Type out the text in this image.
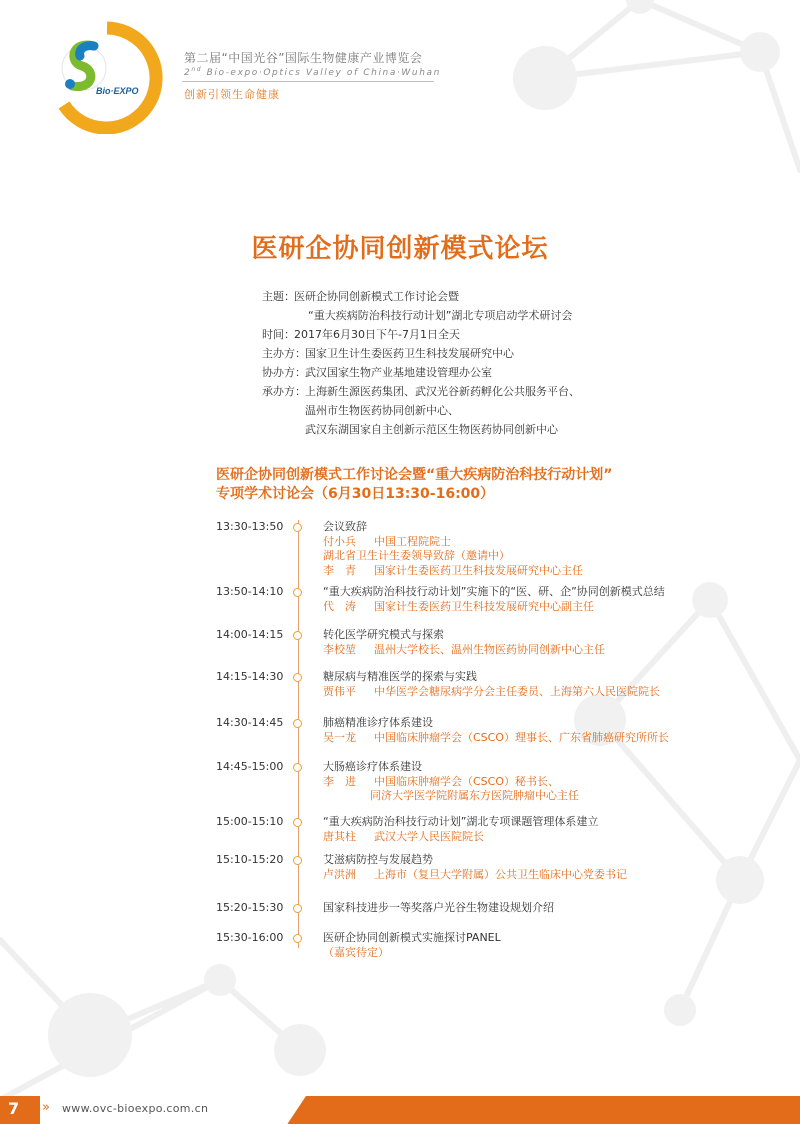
Bio·EXPO
第二届“中国光谷”国际生物健康产业博览会
2nd Bio-expo·Optics Valley of China·Wuhan
创新引领生命健康
医研企协同创新模式论坛
主题： 医研企协同创新模式工作讨论会暨
“重大疾病防治科技行动计划”湖北专项启动学术研讨会
时间： 2017年6月30日下午-7月1日全天
主办方： 国家卫生计生委医药卫生科技发展研究中心
协办方： 武汉国家生物产业基地建设管理办公室
承办方： 上海新生源医药集团、武汉光谷新药孵化公共服务平台、
温州市生物医药协同创新中心、
武汉东湖国家自主创新示范区生物医药协同创新中心
医研企协同创新模式工作讨论会暨“重大疾病防治科技行动计划”
专项学术讨论会（6月30日13:30-16:00）
13:30-13:50	会议致辞
付小兵 中国工程院院士
湖北省卫生计生委领导致辞（邀请中）
李　青 国家计生委医药卫生科技发展研究中心主任
13:50-14:10	“重大疾病防治科技行动计划”实施下的“医、研、企”协同创新模式总结
代　涛 国家计生委医药卫生科技发展研究中心副主任
14:00-14:15	转化医学研究模式与探索
李校堃 温州大学校长、温州生物医药协同创新中心主任
14:15-14:30	糖尿病与精准医学的探索与实践
贾伟平 中华医学会糖尿病学分会主任委员、上海第六人民医院院长
14:30-14:45	肺癌精准诊疗体系建设
吴一龙 中国临床肿瘤学会（CSCO）理事长、广东省肺癌研究所所长
14:45-15:00	大肠癌诊疗体系建设
李　进 中国临床肿瘤学会（CSCO）秘书长、
同济大学医学院附属东方医院肿瘤中心主任
15:00-15:10	“重大疾病防治科技行动计划”湖北专项课题管理体系建立
唐其柱 武汉大学人民医院院长
15:10-15:20	艾滋病防控与发展趋势
卢洪洲 上海市（复旦大学附属）公共卫生临床中心党委书记
15:20-15:30	国家科技进步一等奖落户光谷生物建设规划介绍
15:30-16:00	医研企协同创新模式实施探讨PANEL
（嘉宾待定）
7 » www.ovc-bioexpo.com.cn
